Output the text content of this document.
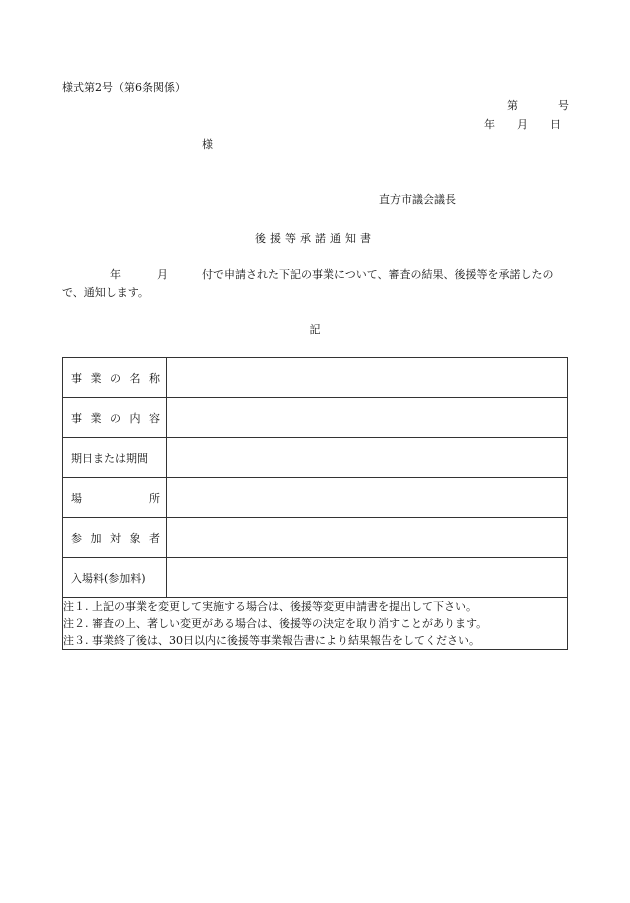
様式第2号（第6条関係）
第	号
年 月 日
様
直方市議会議長
後援等承諾通知書
年	月	付で申請された下記の事業について、審査の結果、後援等を承諾したので、通知します。
記
事 業 の 名 称	

事 業 の 内 容	

期日または期間	

場 所	

参 加 対 象 者	

入場料(参加料)	

注１. 上記の事業を変更して実施する場合は、後援等変更申請書を提出して下さい。
注２. 審査の上、著しい変更がある場合は、後援等の決定を取り消すことがあります。
注３. 事業終了後は、30日以内に後援等事業報告書により結果報告をしてください。	
